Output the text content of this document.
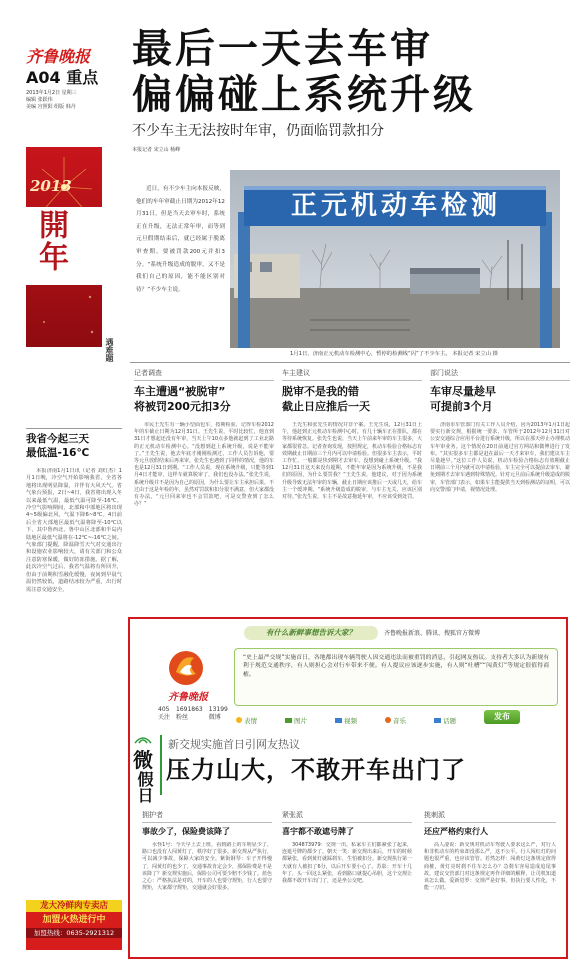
齐鲁晚报
A04 重点
2013年1月2日 星期三
编辑 张跃伟
美编 宫照阳 组版 韩丹
2013
開年
遇难题
最后一天去车审
偏偏碰上系统升级
不少车主无法按时年审，仍面临罚款扣分
本报记者 宋立山 杨峰
近日，有不少车主向本报反映，他们的车年审截止日期为2012年12月31日，但是当天去审车时，系统正在升级，无法正常年审，而等到元旦假期结束后，就已经属于脱离审查期，要被罚款200元并扣3分。“系统升级造成的脱审，又不是我们自己的原因，能不能区别对待？”不少车主说。
正元机动车检测
1月1日，济南正元机动车检测中心，暂停的检测线“闪”了不少车主。 本报记者 宋立山 摄
记者调查
车主遭遇“被脱审”
将被罚200元扣3分
市民王先生有一辆小型面包车，按期检验，记得车检2012年的车截止日期为12月31日。王先生说，平时比较忙，他直到31日才想起还没有年审，当天上午10点多他就赶到了工业北路的正元机动车检测中心。“没想到赶上系统升级，说是不能审了。”王先生说，他去年底才刚刚检测过，工作人员告诉他，要等元旦放假结束后再来审。张先生也遇到了同样的情况，他的车也是12月31日到期。“工作人员说，现在系统升级，只能等到1月4日才能审，这样车就算脱审了，我们也没办法。”张先生说，系统升级并不是因为自己的原因，为什么要让车主承担后果。不过由于这是年检的年，虽然对罚款和扣分很不满意，但大家都没有办法。“元旦回来审也不会罚款吧，可是交警查到了怎么办？”
车主建议
脱审不是我的错
截止日应推后一天
王先生和张先生的情况并非个案。王先生说，12月31日上午，他赶到正元机动车检测中心时，有几十辆车正在排队，都在等待系统恢复。张先生也说，当天上午前来年审的车主很多，大家都很着急。记者查询发现，按照规定，机动车检验合格标志有效期截止日期前三个月内可以申请检验。但很多车主表示，平时工作忙，一般都是快到期才去审车，没想到碰上系统升级。“我12月31日这天来没有超期，不能年审是因为系统升级，不是我们的原因，为什么要罚我？”王先生说，他建议，对于因为系统升级导致无法年审的车辆，截止日期应该推后一天或几天，给车主一个缓冲期。“系统升级造成的脱审，与车主无关，应该区别对待。”张先生说，车主不是故意拖延年审，不应该受到处罚。
部门说法
车审尽量趁早
可提前3个月
济南市车管部门有关工作人员介绍，因为2013年1月1日起要实行新交规，根据统一要求，车管所于2012年12月31日对公安交通综合应用平台进行系统升级，所以在那天停止办理机动车年审业务。这个情况在20日前通过官方网站和微博进行了发布。“其实很多车主都是赶在最后一天才来审车，我们建议车主尽量趁早。”这位工作人员说，机动车检验合格标志有效期截止日期前三个月内就可以申请检验，车主完全可以提前去审车，避免到期才去审车遇到特殊情况。针对元旦前后系统升级造成的脱审，车管部门表示，如果车主能提供当天到检测站的证明，可以向交警部门申请，视情况处理。
我省今起三天
最低温-16℃
本报济南1月1日讯（记者 刘红杰）1月1日晚，冷空气开始影响我省，全省各地将出现明显降温，并伴有大风天气。省气象台预报，2日~4日，我省将出现入冬以来最低气温，最低气温可降至-16℃。冷空气影响期间，北部和中部地区将出现4~5级偏北风，气温下降6~8℃。4日前后全省大部地区最低气温将降至-10℃以下，其中鲁西北、鲁中山区北部和半岛内陆地区最低气温将在-12℃~-16℃之间。气象部门提醒，降温降雪天气对交通出行和设施农业影响较大，请有关部门和公众注意防寒保暖，做好防冻措施。据了解，此次冷空气过后，我省气温将有所回升，但由于前期积雪融化缓慢，夜间到早晨气温仍然较低，道路结冰较为严重，出行时需注意交通安全。
龙大冷鲜肉专卖店
加盟火热进行中
加盟热线：0635-2921312
有什么新鲜事想告诉大家？	齐鲁晚报新浪、腾讯、搜狐官方微博
齐鲁晚报
“史上最严交规”实施首日，各地都出现车辆驾驶人因交通违法而被重罚的消息，引起网友热议。支持者大多认为新规有利于规范交通秩序，有人则担心会对行车带来不便。有人提议应该逐步实施，有人则“吐槽”“闯黄灯”等规定很值得商榷。
405
关注
1691863
粉丝
13199
微博	表情	图片	视频	音乐	话题	发布
微
假日
新交规实施首日引网友热议
压力山大，不敢开车出门了
拥护者
事故少了，保险费该降了
水怪1号：今天早上去上班，看到路上的车明显少了，路口也没有人闯黄灯了，秩序好了很多。新交规从严执行，可以减少事故，保障大家的安全。紫街钢琴：车子开得慢了，闯黄灯的也少了，交通事故肯定会少，那保险费是不是该降了？新交规实施后，保险公司可要少赔不少钱了。蓝色之心：严格执法是对的，开车的人也要守规矩，行人也要守规矩，大家都守规矩，交通就会好很多。
紧张派
喜宇都不敢遮号牌了
304873979：交规一出，私家车主们都紧张了起来，连遮号牌的都少了。朝天一笑：新交规出来后，开车的时候都紧张，看到黄灯就踩刹车，生怕被扣分。新交规执行第一天就有人被扣了6分，以后开车要小心了。苏影：开车十几年了，头一回这么紧张，看到路口就提心吊胆，这个交规让我都不敢开车出门了，还是坐公交吧。
挑刺派
还应严格约束行人
高人凄说：新交规对机动车驾驶人要求这么严，对行人和非机动车的约束却没那么严，这不公平。行人闯红灯的问题也很严重，也应该管管。若然怎样：闯黄灯这条规定值得商榷，黄灯亮时刹不住车怎么办？急刹车容易造成追尾事故。建议交管部门对这条规定再作详细的解释，让司机知道该怎么做。爱新觉罗：交规严是好事，但执行要人性化，不能一刀切。
